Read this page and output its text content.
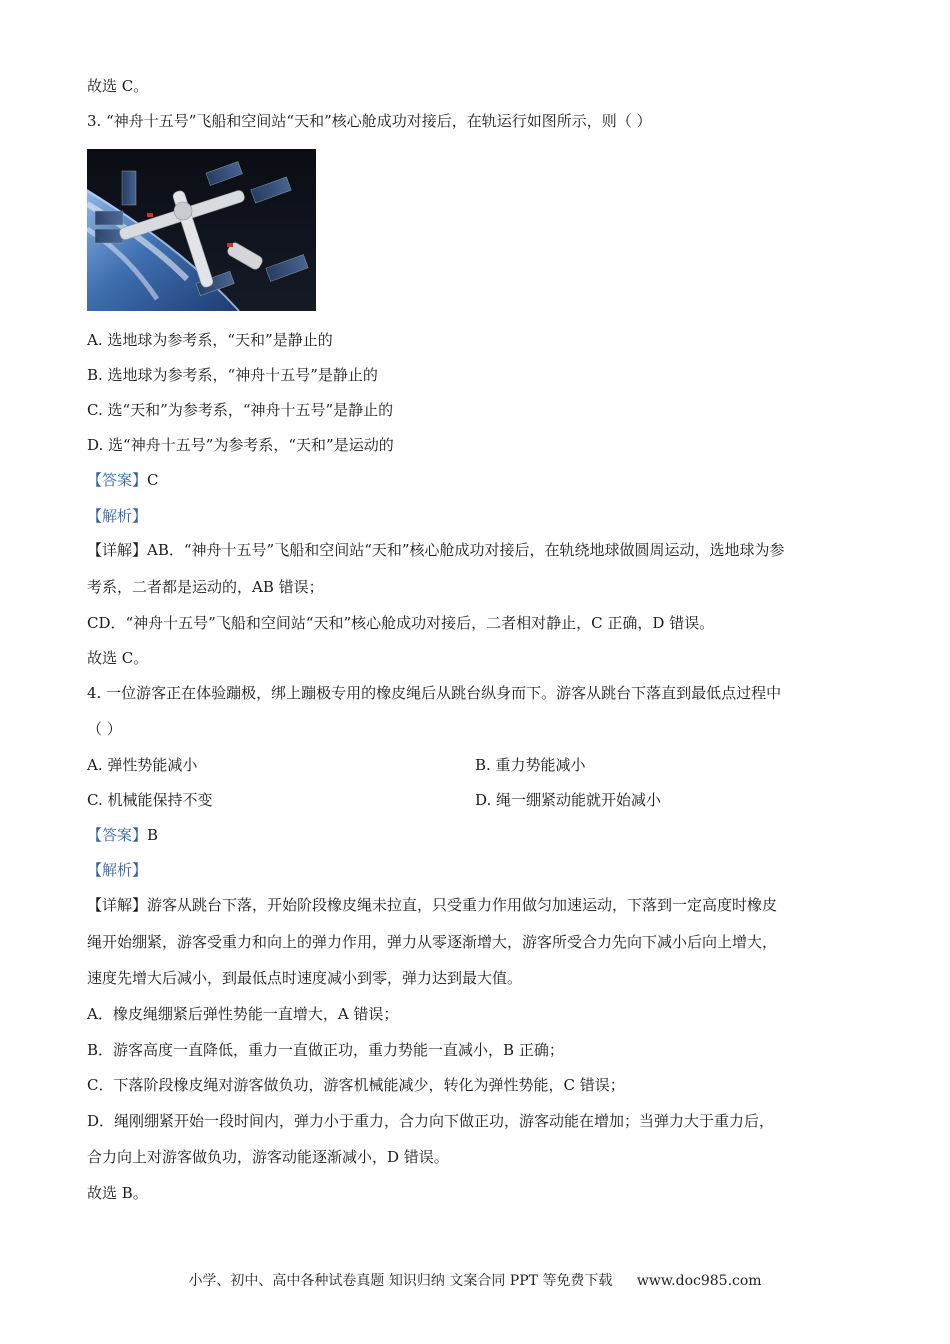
故选 C。
3. “神舟十五号”飞船和空间站“天和”核心舱成功对接后，在轨运行如图所示，则（ ）
A. 选地球为参考系，“天和”是静止的
B. 选地球为参考系，“神舟十五号”是静止的
C. 选“天和”为参考系，“神舟十五号”是静止的
D. 选“神舟十五号”为参考系，“天和”是运动的
【答案】C
【解析】
【详解】AB．“神舟十五号”飞船和空间站“天和”核心舱成功对接后，在轨绕地球做圆周运动，选地球为参
考系，二者都是运动的，AB 错误；
CD．“神舟十五号”飞船和空间站“天和”核心舱成功对接后，二者相对静止，C 正确，D 错误。
故选 C。
4. 一位游客正在体验蹦极，绑上蹦极专用的橡皮绳后从跳台纵身而下。游客从跳台下落直到最低点过程中
（ ）
A. 弹性势能减小	B. 重力势能减小
C. 机械能保持不变	D. 绳一绷紧动能就开始减小
【答案】B
【解析】
【详解】游客从跳台下落，开始阶段橡皮绳未拉直，只受重力作用做匀加速运动，下落到一定高度时橡皮
绳开始绷紧，游客受重力和向上的弹力作用，弹力从零逐渐增大，游客所受合力先向下减小后向上增大，
速度先增大后减小，到最低点时速度减小到零，弹力达到最大值。
A．橡皮绳绷紧后弹性势能一直增大，A 错误；
B．游客高度一直降低，重力一直做正功，重力势能一直减小，B 正确；
C．下落阶段橡皮绳对游客做负功，游客机械能减少，转化为弹性势能，C 错误；
D．绳刚绷紧开始一段时间内，弹力小于重力，合力向下做正功，游客动能在增加；当弹力大于重力后，
合力向上对游客做负功，游客动能逐渐减小，D 错误。
故选 B。
小学、初中、高中各种试卷真题 知识归纳 文案合同 PPT 等免费下载 www.doc985.com
